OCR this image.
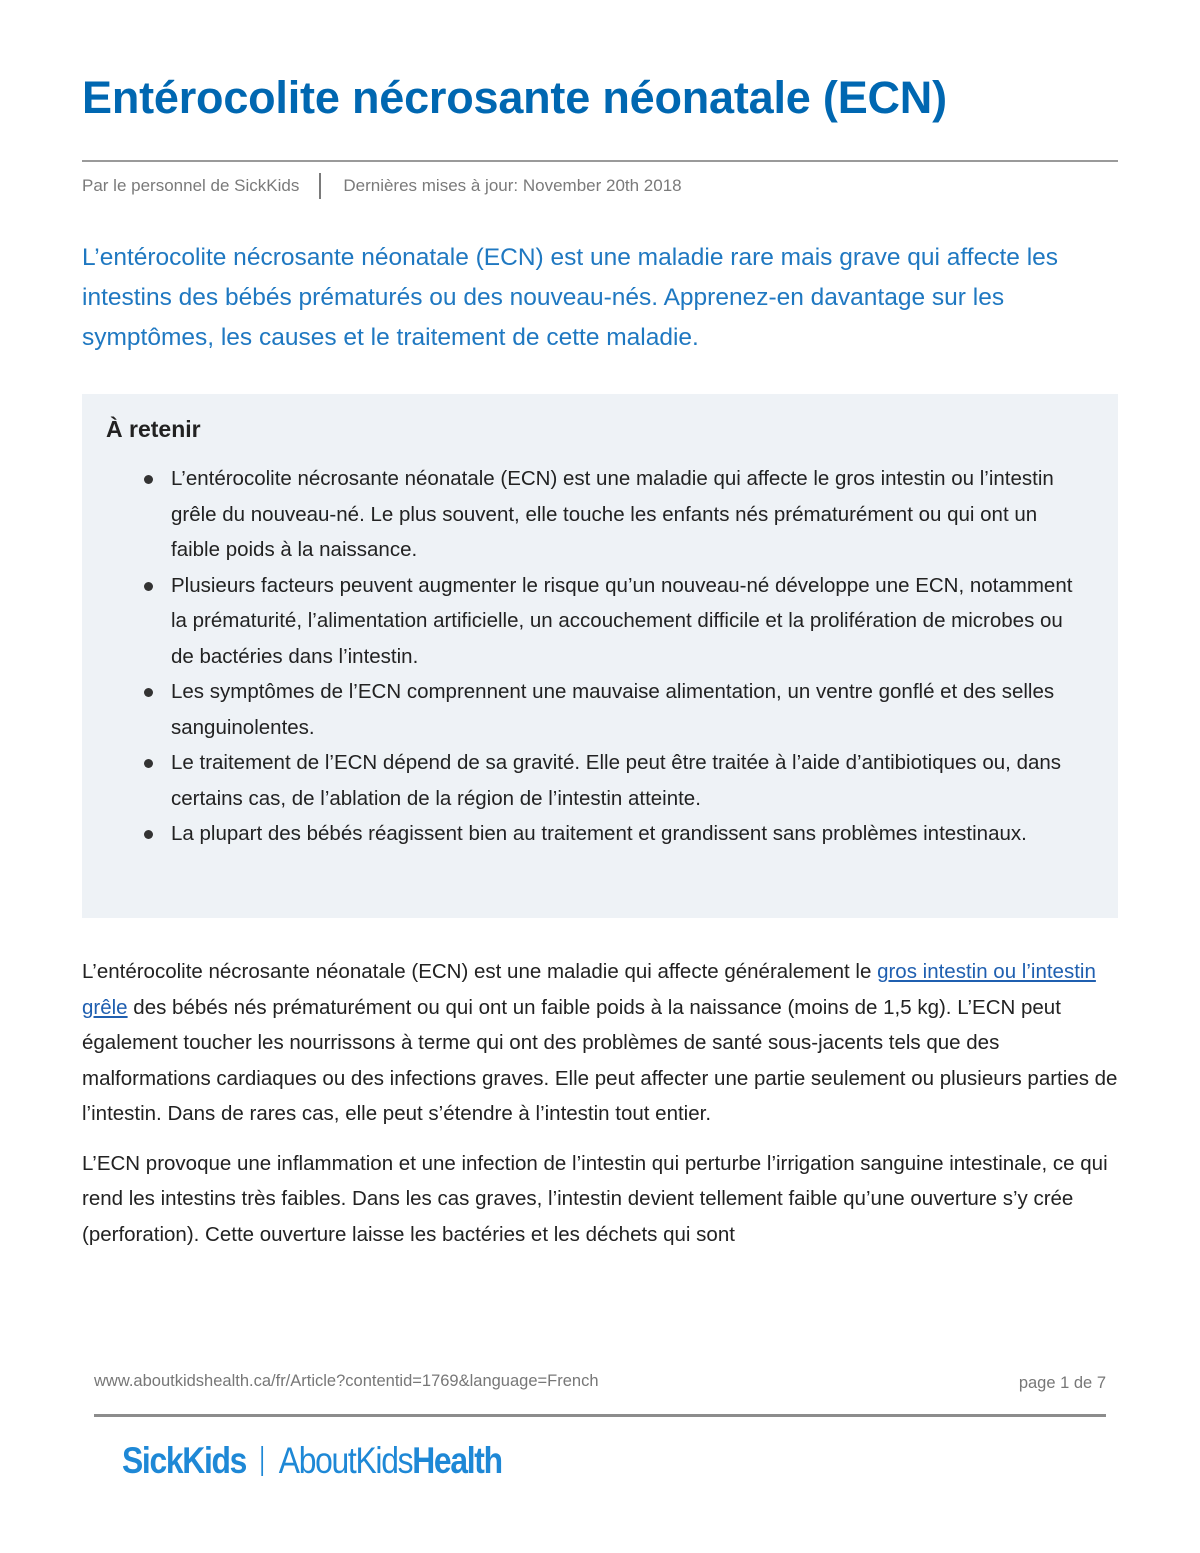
Entérocolite nécrosante néonatale (ECN)
Par le personnel de SickKids	Dernières mises à jour: November 20th 2018

L’entérocolite nécrosante néonatale (ECN) est une maladie rare mais grave qui affecte les intestins des bébés prématurés ou des nouveau-nés. Apprenez-en davantage sur les symptômes, les causes et le traitement de cette maladie.

À retenir
L’entérocolite nécrosante néonatale (ECN) est une maladie qui affecte le gros intestin ou l’intestin grêle du nouveau-né. Le plus souvent, elle touche les enfants nés prématurément ou qui ont un faible poids à la naissance.
Plusieurs facteurs peuvent augmenter le risque qu’un nouveau-né développe une ECN, notamment la prématurité, l’alimentation artificielle, un accouchement difficile et la prolifération de microbes ou de bactéries dans l’intestin.
Les symptômes de l’ECN comprennent une mauvaise alimentation, un ventre gonflé et des selles sanguinolentes.
Le traitement de l’ECN dépend de sa gravité. Elle peut être traitée à l’aide d’antibiotiques ou, dans certains cas, de l’ablation de la région de l’intestin atteinte.
La plupart des bébés réagissent bien au traitement et grandissent sans problèmes intestinaux.

L’entérocolite nécrosante néonatale (ECN) est une maladie qui affecte généralement le gros intestin ou l’intestin grêle des bébés nés prématurément ou qui ont un faible poids à la naissance (moins de 1,5 kg). L’ECN peut également toucher les nourrissons à terme qui ont des problèmes de santé sous-jacents tels que des malformations cardiaques ou des infections graves. Elle peut affecter une partie seulement ou plusieurs parties de l’intestin. Dans de rares cas, elle peut s’étendre à l’intestin tout entier.

L’ECN provoque une inflammation et une infection de l’intestin qui perturbe l’irrigation sanguine intestinale, ce qui rend les intestins très faibles. Dans les cas graves, l’intestin devient tellement faible qu’une ouverture s’y crée (perforation). Cette ouverture laisse les bactéries et les déchets qui sont

www.aboutkidshealth.ca/fr/Article?contentid=1769&language=French	page 1 de 7
SickKids AboutKids Health
